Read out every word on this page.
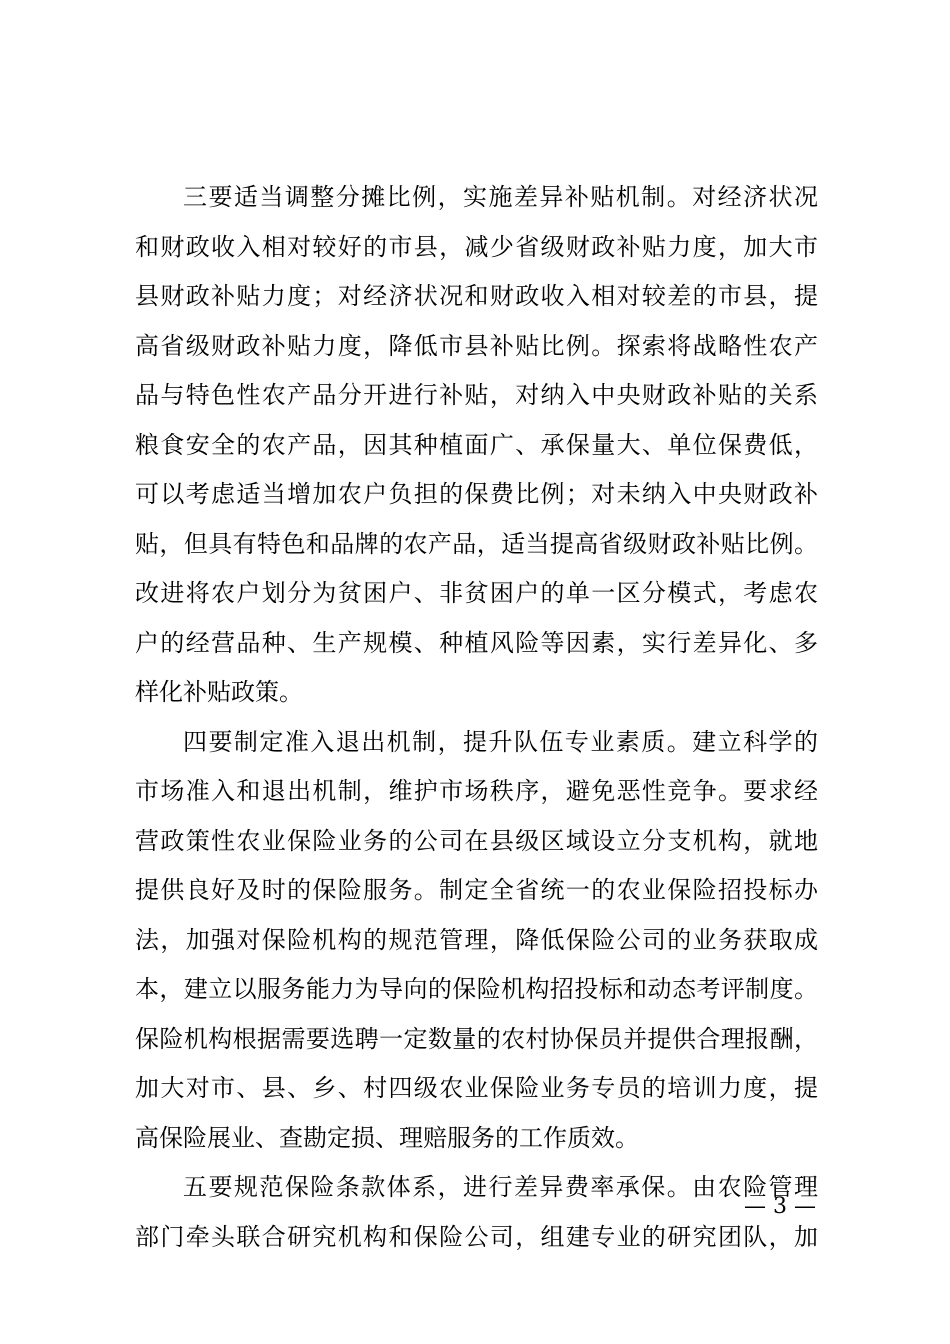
三要适当调整分摊比例，实施差异补贴机制。对经济状况
和财政收入相对较好的市县，减少省级财政补贴力度，加大市
县财政补贴力度；对经济状况和财政收入相对较差的市县，提
高省级财政补贴力度，降低市县补贴比例。探索将战略性农产
品与特色性农产品分开进行补贴，对纳入中央财政补贴的关系
粮食安全的农产品，因其种植面广、承保量大、单位保费低，
可以考虑适当增加农户负担的保费比例；对未纳入中央财政补
贴，但具有特色和品牌的农产品，适当提高省级财政补贴比例。
改进将农户划分为贫困户、非贫困户的单一区分模式，考虑农
户的经营品种、生产规模、种植风险等因素，实行差异化、多
样化补贴政策。
四要制定准入退出机制，提升队伍专业素质。建立科学的
市场准入和退出机制，维护市场秩序，避免恶性竞争。要求经
营政策性农业保险业务的公司在县级区域设立分支机构，就地
提供良好及时的保险服务。制定全省统一的农业保险招投标办
法，加强对保险机构的规范管理，降低保险公司的业务获取成
本，建立以服务能力为导向的保险机构招投标和动态考评制度。
保险机构根据需要选聘一定数量的农村协保员并提供合理报酬，
加大对市、县、乡、村四级农业保险业务专员的培训力度，提
高保险展业、查勘定损、理赔服务的工作质效。
五要规范保险条款体系，进行差异费率承保。由农险管理
部门牵头联合研究机构和保险公司，组建专业的研究团队，加
— 3 —
